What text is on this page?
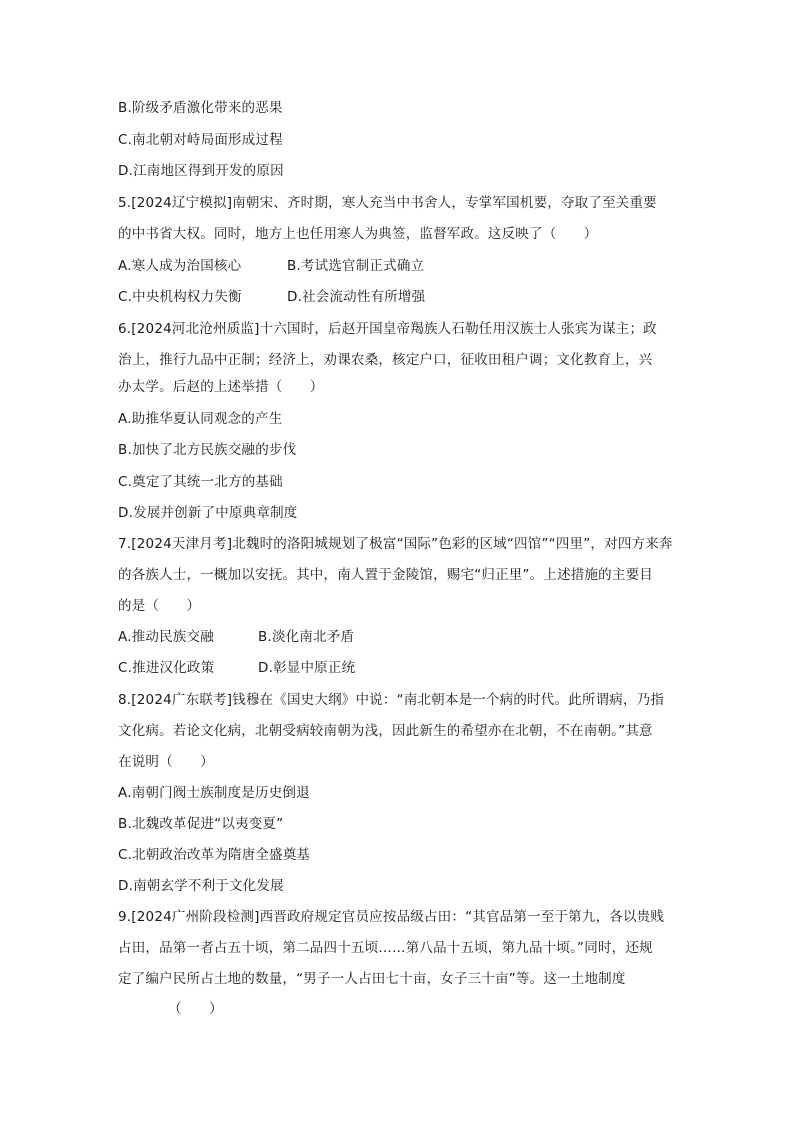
B.阶级矛盾激化带来的恶果
C.南北朝对峙局面形成过程
D.江南地区得到开发的原因
5.[2024辽宁模拟]南朝宋、齐时期，寒人充当中书舍人，专掌军国机要，夺取了至关重要
的中书省大权。同时，地方上也任用寒人为典签，监督军政。这反映了（　　）
A.寒人成为治国核心	B.考试选官制正式确立
C.中央机构权力失衡	D.社会流动性有所增强
6.[2024河北沧州质监]十六国时，后赵开国皇帝羯族人石勒任用汉族士人张宾为谋主；政
治上，推行九品中正制；经济上，劝课农桑，核定户口，征收田租户调；文化教育上，兴
办太学。后赵的上述举措（　　）
A.助推华夏认同观念的产生
B.加快了北方民族交融的步伐
C.奠定了其统一北方的基础
D.发展并创新了中原典章制度
7.[2024天津月考]北魏时的洛阳城规划了极富“国际”色彩的区域“四馆”“四里”，对四方来奔
的各族人士，一概加以安抚。其中，南人置于金陵馆，赐宅“归正里”。上述措施的主要目
的是（　　）
A.推动民族交融	B.淡化南北矛盾
C.推进汉化政策	D.彰显中原正统
8.[2024广东联考]钱穆在《国史大纲》中说：“南北朝本是一个病的时代。此所谓病，乃指
文化病。若论文化病，北朝受病较南朝为浅，因此新生的希望亦在北朝，不在南朝。”其意
在说明（　　）
A.南朝门阀士族制度是历史倒退
B.北魏改革促进“以夷变夏”
C.北朝政治改革为隋唐全盛奠基
D.南朝玄学不利于文化发展
9.[2024广州阶段检测]西晋政府规定官员应按品级占田：“其官品第一至于第九，各以贵贱
占田，品第一者占五十顷，第二品四十五顷……第八品十五顷，第九品十顷。”同时，还规
定了编户民所占土地的数量，“男子一人占田七十亩，女子三十亩”等。这一土地制度
（　　）
